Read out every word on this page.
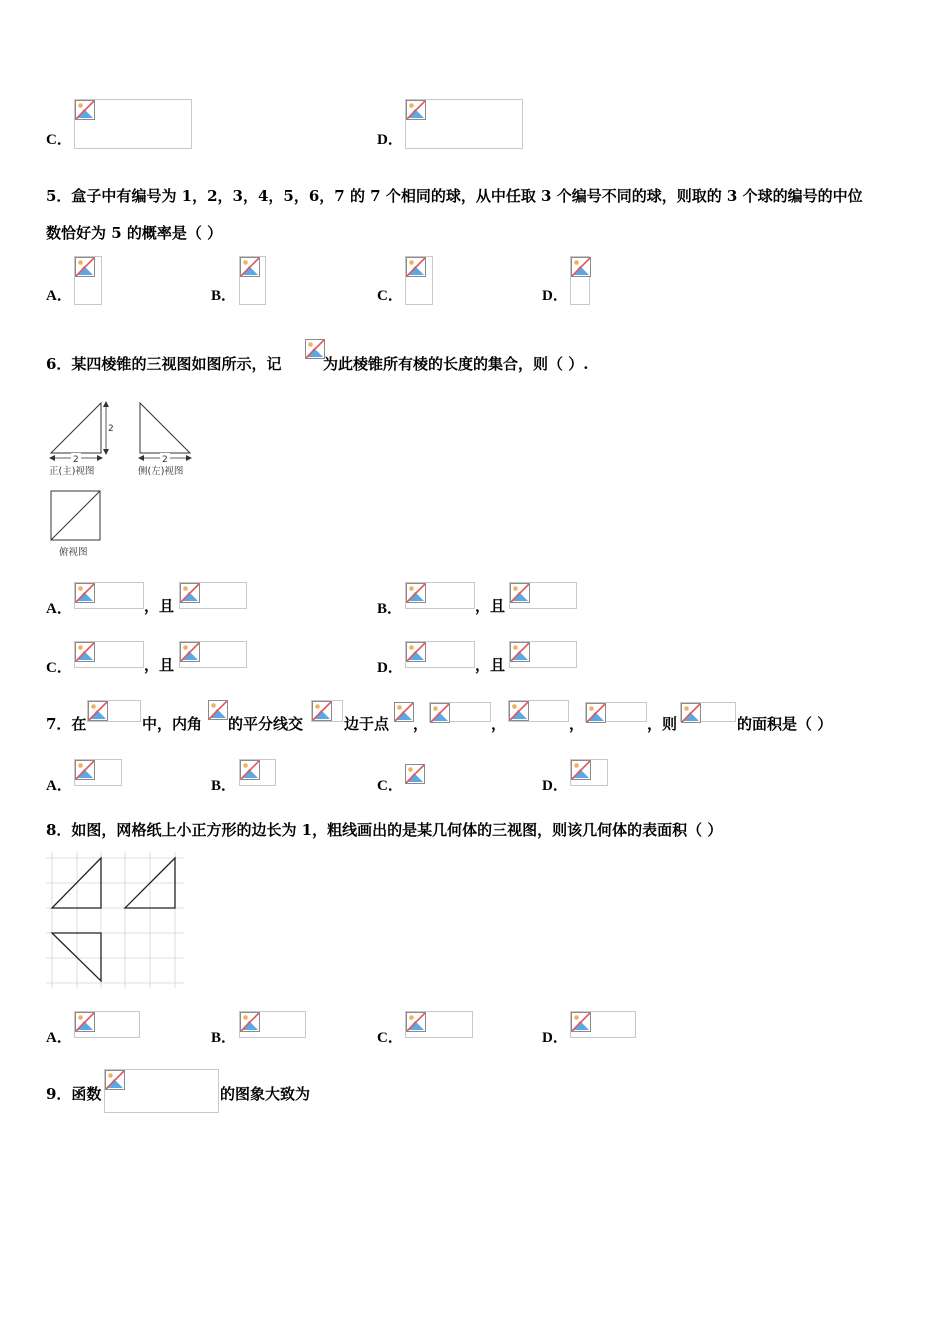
C．	D．
5．盒子中有编号为 1，2，3，4，5，6，7 的 7 个相同的球，从中任取 3 个编号不同的球，则取的 3 个球的编号的中位
数恰好为 5 的概率是（ ）
A．	B．	C．	D．
6．某四棱锥的三视图如图所示，记	为此棱锥所有棱的长度的集合，则（ ）.
2
2
正(主)视图
2
侧(左)视图
俯视图
A．	，且	B．	，且
C．	，且	D．	，且
7．在	中，内角 的平分线交	边于点 ，	，	，	，则	的面积是（ ）
A．	B．	C．	D．
8．如图，网格纸上小正方形的边长为 1，粗线画出的是某几何体的三视图，则该几何体的表面积（ ）
A．	B．	C．	D．
9．函数	的图象大致为
